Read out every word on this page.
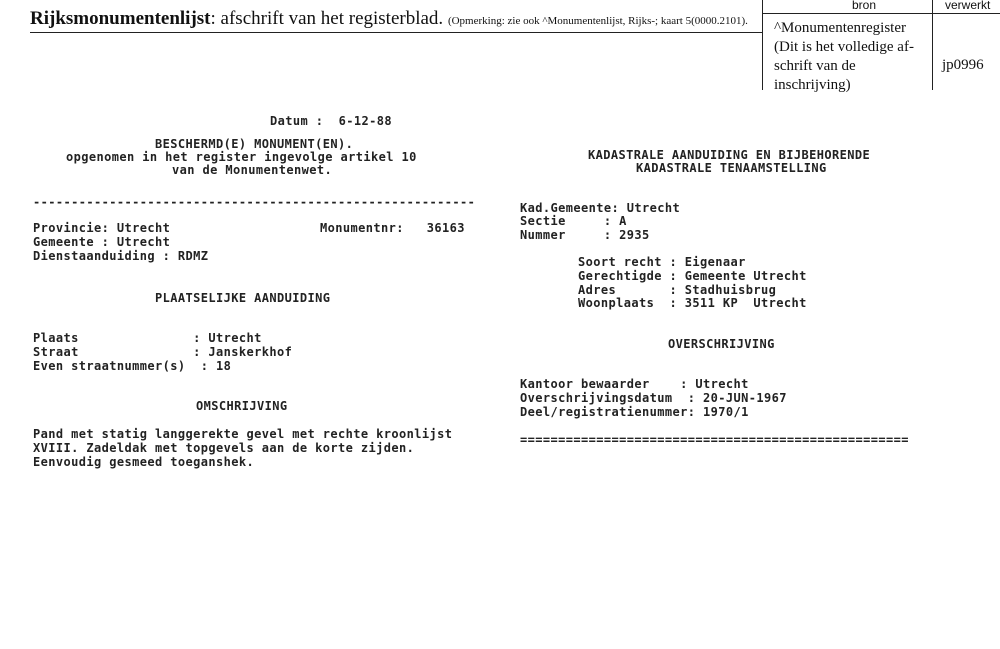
Rijksmonumentenlijst: afschrift van het registerblad. (Opmerking: zie ook ^Monumentenlijst, Rijks-; kaart 5(0000.2101).
bron	verwerkt
^Monumentenregister
(Dit is het volledige af-
schrift van de inschrijving)
jp0996
Datum :  6-12-88
BESCHERMD(E) MONUMENT(EN).
opgenomen in het register ingevolge artikel 10
van de Monumentenwet.
----------------------------------------------------------
Provincie: Utrecht	Monumentnr:   36163
Gemeente : Utrecht
Dienstaanduiding : RDMZ
PLAATSELIJKE AANDUIDING
Plaats               : Utrecht
Straat               : Janskerkhof
Even straatnummer(s)  : 18
OMSCHRIJVING
Pand met statig langgerekte gevel met rechte kroonlijst
XVIII. Zadeldak met topgevels aan de korte zijden.
Eenvoudig gesmeed toeganshek.
KADASTRALE AANDUIDING EN BIJBEHORENDE
KADASTRALE TENAAMSTELLING
Kad.Gemeente: Utrecht
Sectie     : A
Nummer     : 2935
Soort recht : Eigenaar
Gerechtigde : Gemeente Utrecht
Adres       : Stadhuisbrug
Woonplaats  : 3511 KP  Utrecht
OVERSCHRIJVING
Kantoor bewaarder    : Utrecht
Overschrijvingsdatum  : 20-JUN-1967
Deel/registratienummer: 1970/1
===================================================
